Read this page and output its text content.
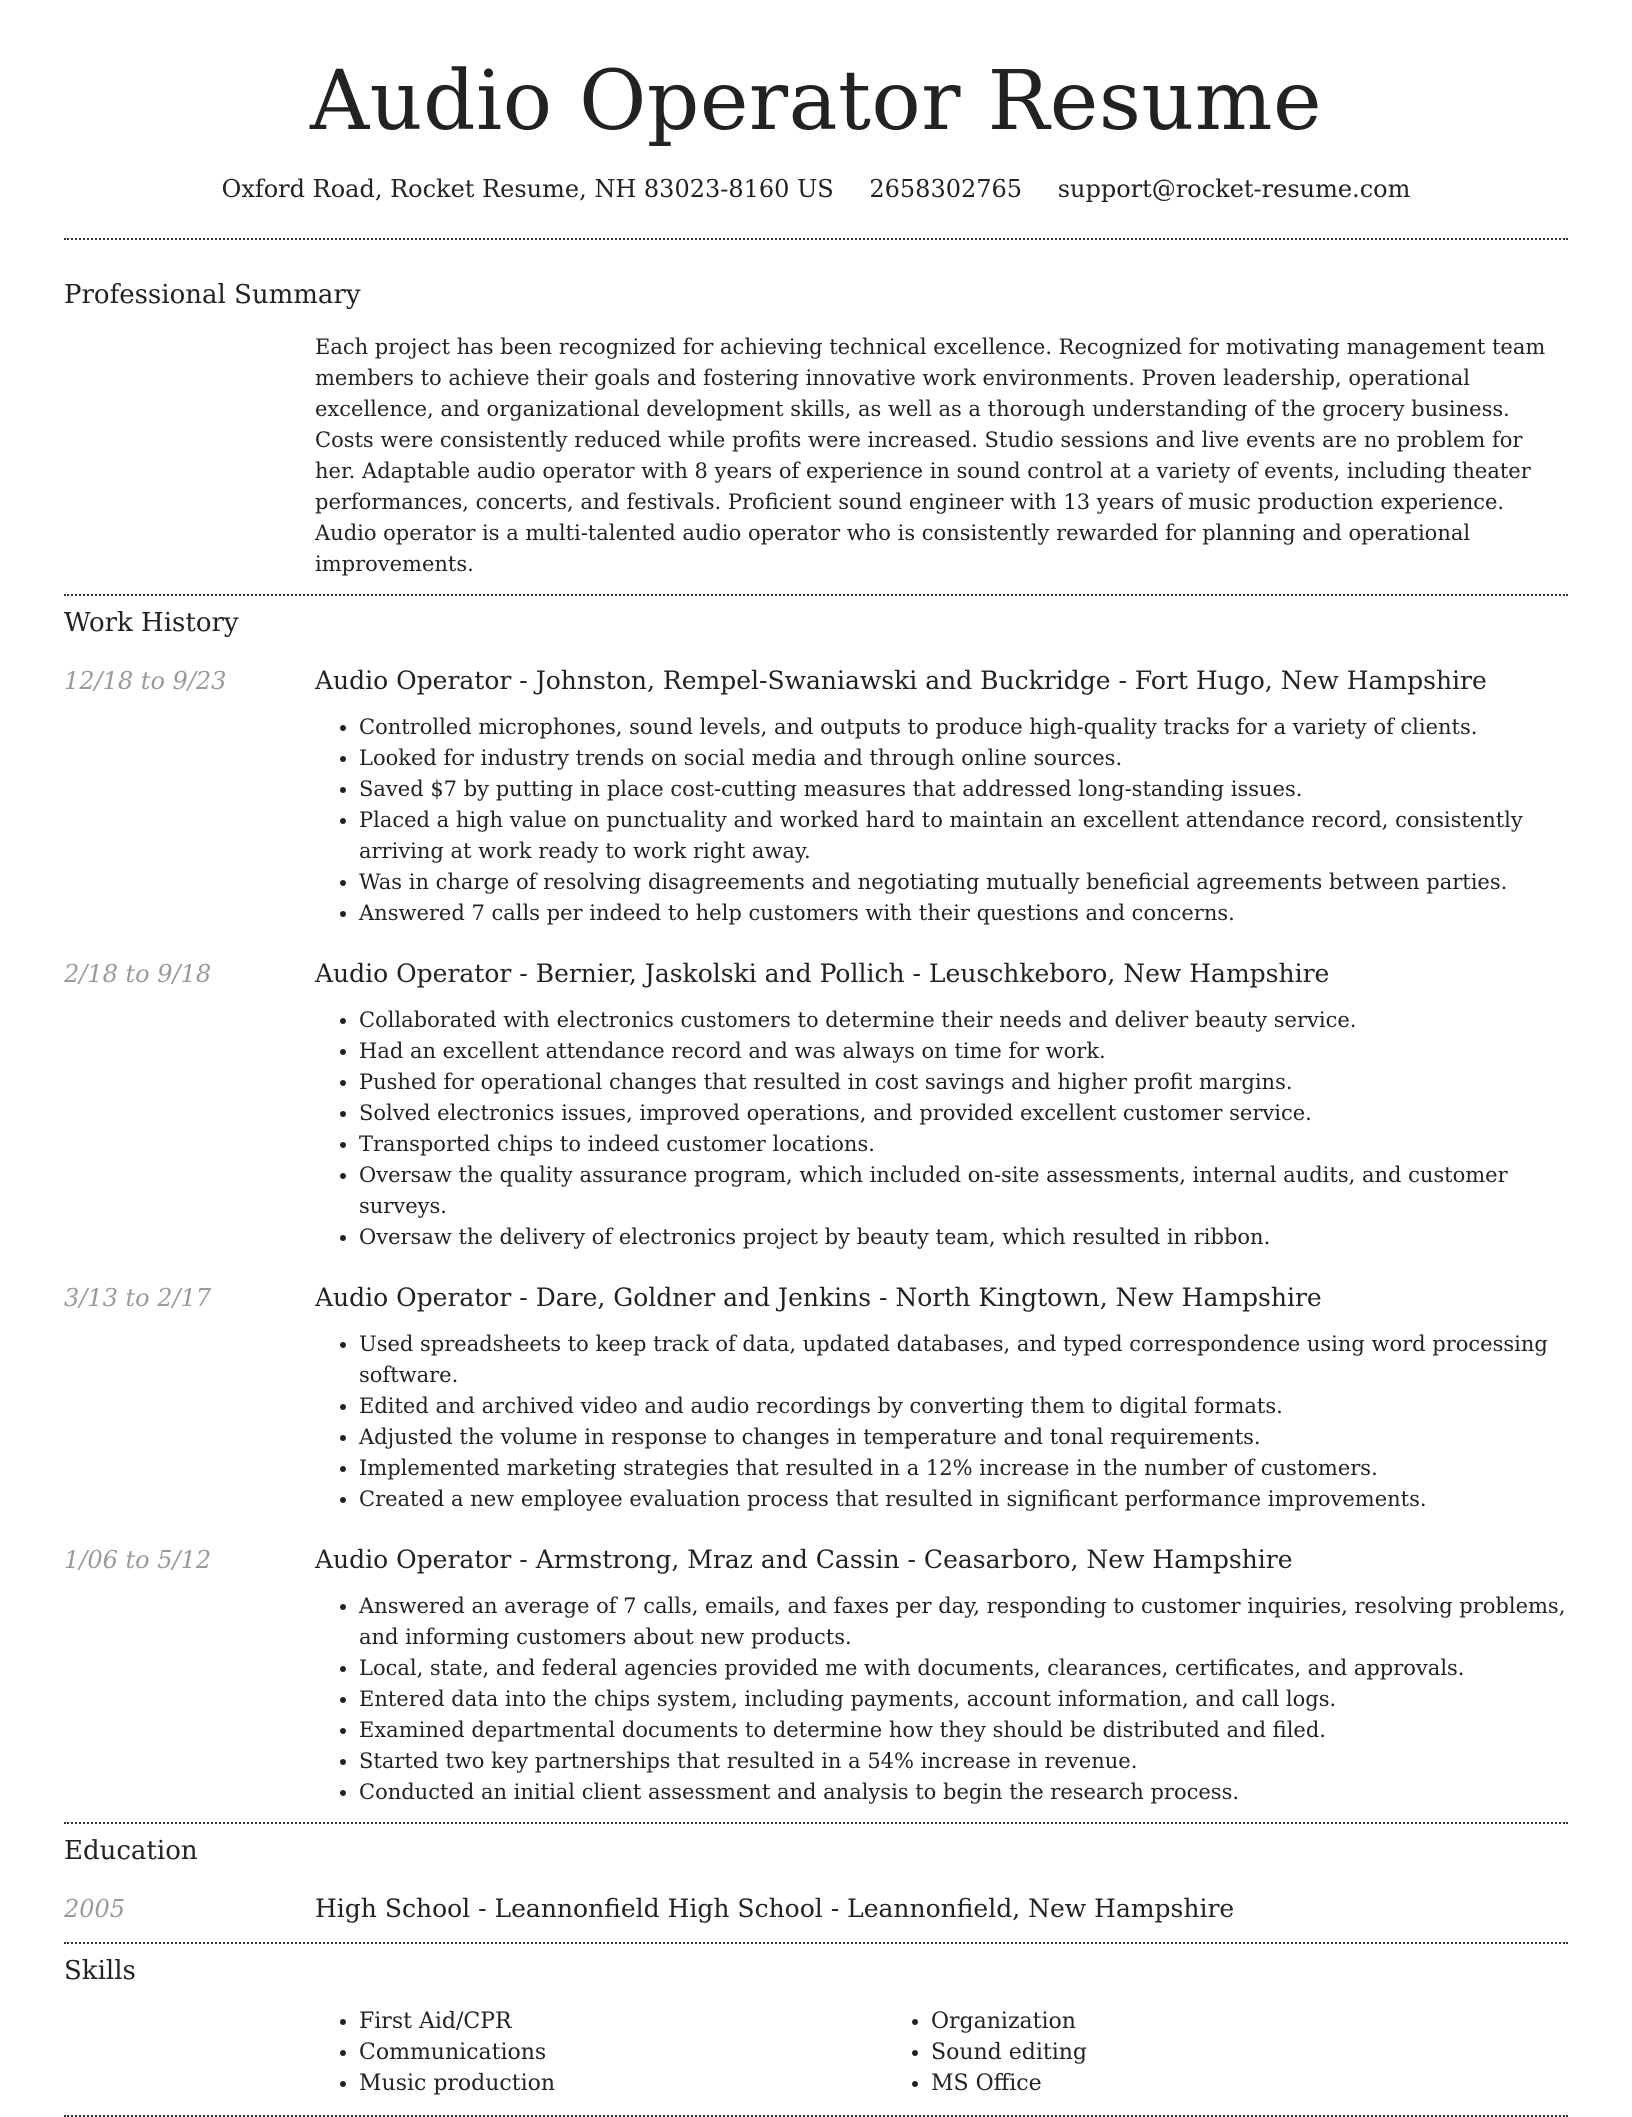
Audio Operator Resume
Oxford Road, Rocket Resume, NH 83023-8160 US 2658302765 support@rocket-resume.com
Professional Summary

Each project has been recognized for achieving technical excellence. Recognized for motivating management team members to achieve their goals and fostering innovative work environments. Proven leadership, operational excellence, and organizational development skills, as well as a thorough understanding of the grocery business. Costs were consistently reduced while profits were increased. Studio sessions and live events are no problem for her. Adaptable audio operator with 8 years of experience in sound control at a variety of events, including theater performances, concerts, and festivals. Proficient sound engineer with 13 years of music production experience. Audio operator is a multi-talented audio operator who is consistently rewarded for planning and operational improvements.

Work History
12/18 to 9/23	Audio Operator - Johnston, Rempel-Swaniawski and Buckridge - Fort Hugo, New Hampshire
• Controlled microphones, sound levels, and outputs to produce high-quality tracks for a variety of clients.
• Looked for industry trends on social media and through online sources.
• Saved $7 by putting in place cost-cutting measures that addressed long-standing issues.
• Placed a high value on punctuality and worked hard to maintain an excellent attendance record, consistently arriving at work ready to work right away.
• Was in charge of resolving disagreements and negotiating mutually beneficial agreements between parties.
• Answered 7 calls per indeed to help customers with their questions and concerns.
2/18 to 9/18	Audio Operator - Bernier, Jaskolski and Pollich - Leuschkeboro, New Hampshire
• Collaborated with electronics customers to determine their needs and deliver beauty service.
• Had an excellent attendance record and was always on time for work.
• Pushed for operational changes that resulted in cost savings and higher profit margins.
• Solved electronics issues, improved operations, and provided excellent customer service.
• Transported chips to indeed customer locations.
• Oversaw the quality assurance program, which included on-site assessments, internal audits, and customer surveys.
• Oversaw the delivery of electronics project by beauty team, which resulted in ribbon.
3/13 to 2/17	Audio Operator - Dare, Goldner and Jenkins - North Kingtown, New Hampshire
• Used spreadsheets to keep track of data, updated databases, and typed correspondence using word processing software.
• Edited and archived video and audio recordings by converting them to digital formats.
• Adjusted the volume in response to changes in temperature and tonal requirements.
• Implemented marketing strategies that resulted in a 12% increase in the number of customers.
• Created a new employee evaluation process that resulted in significant performance improvements.
1/06 to 5/12	Audio Operator - Armstrong, Mraz and Cassin - Ceasarboro, New Hampshire
• Answered an average of 7 calls, emails, and faxes per day, responding to customer inquiries, resolving problems, and informing customers about new products.
• Local, state, and federal agencies provided me with documents, clearances, certificates, and approvals.
• Entered data into the chips system, including payments, account information, and call logs.
• Examined departmental documents to determine how they should be distributed and filed.
• Started two key partnerships that resulted in a 54% increase in revenue.
• Conducted an initial client assessment and analysis to begin the research process.
Education
2005	High School - Leannonfield High School - Leannonfield, New Hampshire
Skills
• First Aid/CPR
• Communications
• Music production
• Organization
• Sound editing
• MS Office
